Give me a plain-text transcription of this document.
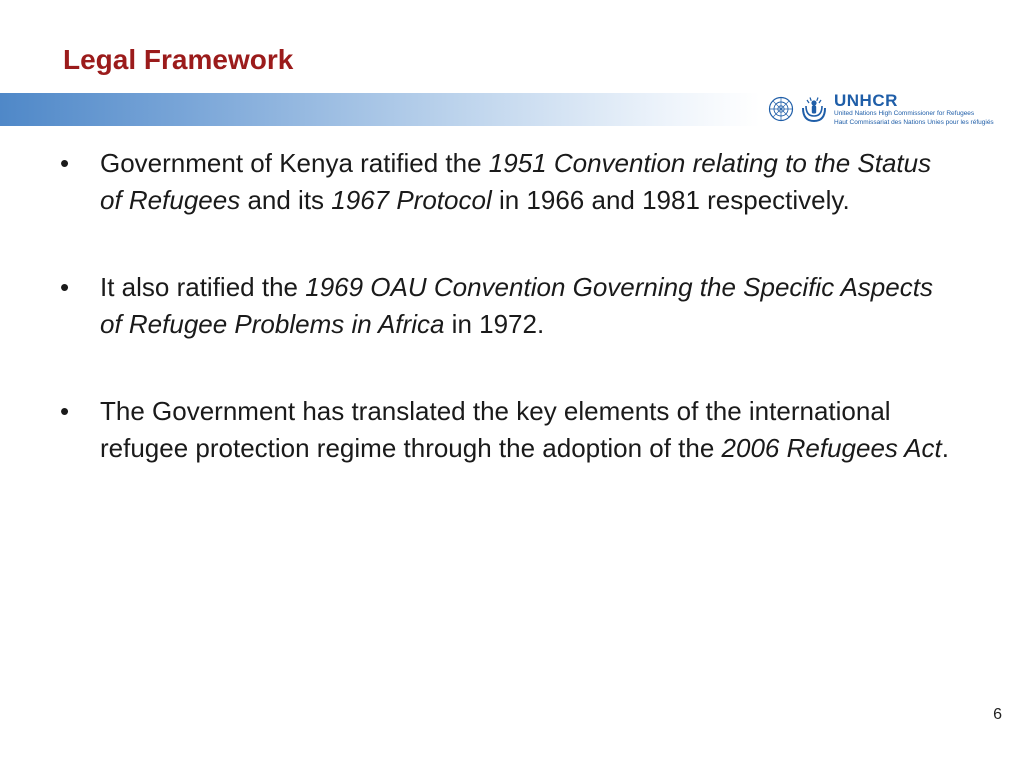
Legal Framework
UNHCR
United Nations High Commissioner for Refugees
Haut Commissariat des Nations Unies pour les réfugiés
• Government of Kenya ratified the 1951 Convention relating to the Status of Refugees and its 1967 Protocol in 1966 and 1981 respectively.
• It also ratified the 1969 OAU Convention Governing the Specific Aspects of Refugee Problems in Africa in 1972.
• The Government has translated the key elements of the international refugee protection regime through the adoption of the 2006 Refugees Act.
6
